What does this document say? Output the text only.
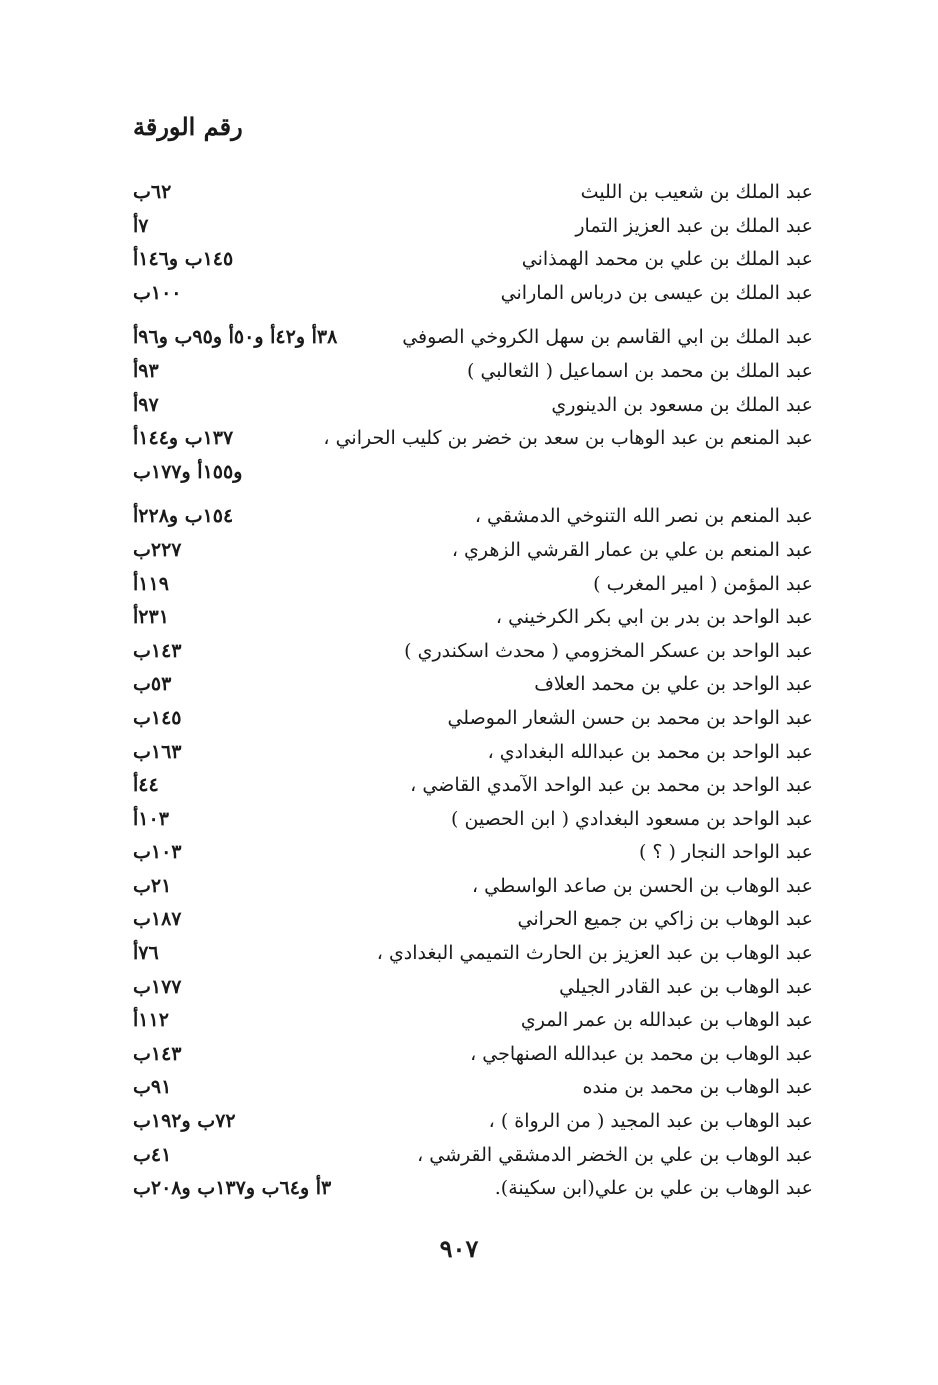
رقم الورقة
عبد الملك بن شعيب بن الليث
٦٢ب
عبد الملك بن عبد العزيز التمار
٧أ
عبد الملك بن علي بن محمد الهمذاني
١٤٥ب و١٤٦أ
عبد الملك بن عيسى بن درباس الماراني
١٠٠ب
عبد الملك بن ابي القاسم بن سهل الكروخي الصوفي
٣٨أ و٤٢أ و٥٠أ و٩٥ب و٩٦أ
عبد الملك بن محمد بن اسماعيل ( الثعالبي )
٩٣أ
عبد الملك بن مسعود بن الدينوري
٩٧أ
عبد المنعم بن عبد الوهاب بن سعد بن خضر بن كليب الحراني ،
١٣٧ب و١٤٤أ
و١٥٥أ و١٧٧ب
عبد المنعم بن نصر الله التنوخي الدمشقي ،
١٥٤ب و٢٢٨أ
عبد المنعم بن علي بن عمار القرشي الزهري ،
٢٢٧ب
عبد المؤمن ( امير المغرب )
١١٩أ
عبد الواحد بن بدر بن ابي بكر الكرخيني ،
٢٣١أ
عبد الواحد بن عسكر المخزومي ( محدث اسكندري )
١٤٣ب
عبد الواحد بن علي بن محمد العلاف
٥٣ب
عبد الواحد بن محمد بن حسن الشعار الموصلي
١٤٥ب
عبد الواحد بن محمد بن عبدالله البغدادي ،
١٦٣ب
عبد الواحد بن محمد بن عبد الواحد الآمدي القاضي ،
٤٤أ
عبد الواحد بن مسعود البغدادي ( ابن الحصين )
١٠٣أ
عبد الواحد النجار ( ؟ )
١٠٣ب
عبد الوهاب بن الحسن بن صاعد الواسطي ،
٢١ب
عبد الوهاب بن زاكي بن جميع الحراني
١٨٧ب
عبد الوهاب بن عبد العزيز بن الحارث التميمي البغدادي ،
٧٦أ
عبد الوهاب بن عبد القادر الجيلي
١٧٧ب
عبد الوهاب بن عبدالله بن عمر المري
١١٢أ
عبد الوهاب بن محمد بن عبدالله الصنهاجي ،
١٤٣ب
عبد الوهاب بن محمد بن منده
٩١ب
عبد الوهاب بن عبد المجيد ( من الرواة ) ،
٧٢ب و١٩٢ب
عبد الوهاب بن علي بن الخضر الدمشقي القرشي ،
٤١ب
عبد الوهاب بن علي بن علي(ابن سكينة).
٣أ و٦٤ب و١٣٧ب و٢٠٨ب
٩٠٧
